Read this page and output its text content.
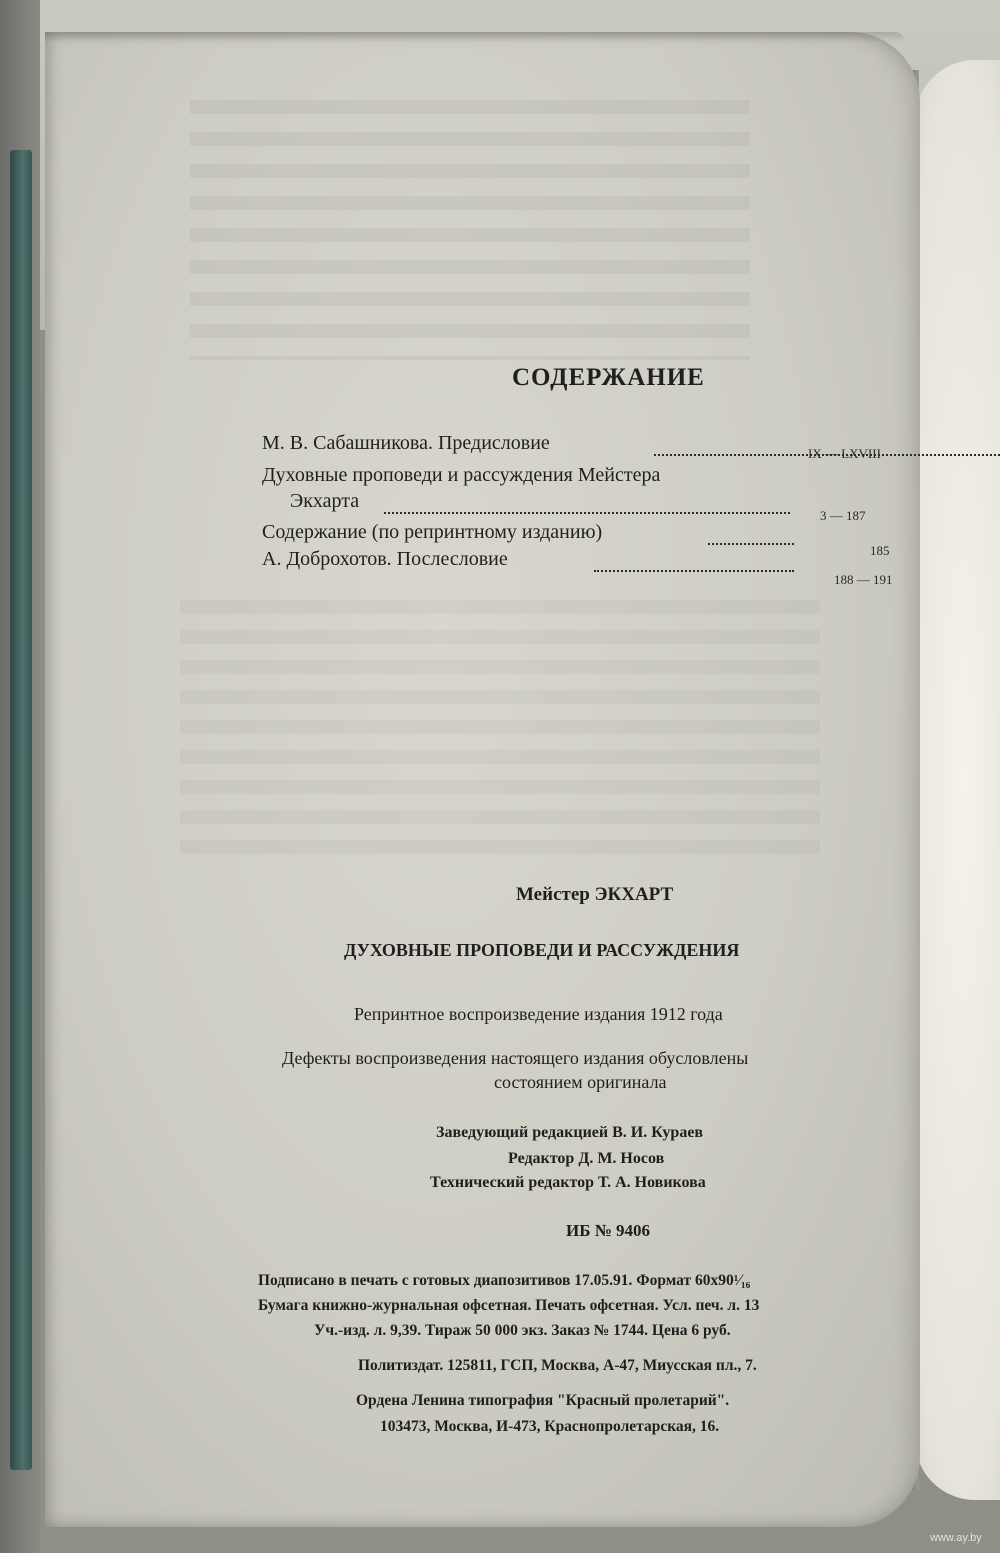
СОДЕРЖАНИЕ
М. В. Сабашникова. Предисловие	IX — LXVIII
Духовные проповеди и рассуждения Мейстера
Экхарта
3 — 187
Содержание (по репринтному изданию)
185
А. Доброхотов. Послесловие
188 — 191
Мейстер ЭКХАРТ
ДУХОВНЫЕ ПРОПОВЕДИ И РАССУЖДЕНИЯ
Репринтное воспроизведение издания 1912 года
Дефекты воспроизведения настоящего издания обусловлены
состоянием оригинала
Заведующий редакцией В. И. Кураев
Редактор Д. М. Носов
Технический редактор Т. А. Новикова
ИБ № 9406
Подписано в печать с готовых диапозитивов 17.05.91. Формат 60х90¹⁄₁₆
Бумага книжно-журнальная офсетная. Печать офсетная. Усл. печ. л. 13
Уч.-изд. л. 9,39. Тираж 50 000 экз. Заказ № 1744. Цена 6 руб.
Политиздат. 125811, ГСП, Москва, А-47, Миусская пл., 7.
Ордена Ленина типография "Красный пролетарий".
103473, Москва, И-473, Краснопролетарская, 16.
www.ay.by
